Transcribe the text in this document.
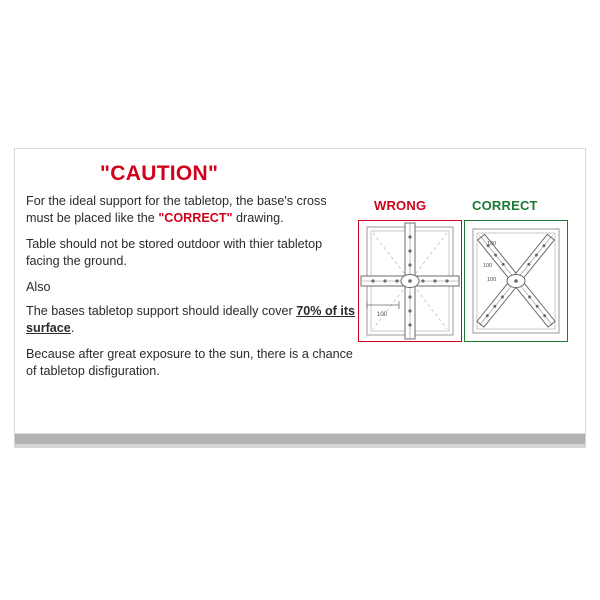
"CAUTION"

For the ideal support for the tabletop, the base's cross must be placed like the "CORRECT" drawing.

Table should not be stored outdoor with thier tabletop facing the ground.

Also

The bases tabletop support should ideally cover 70% of its surface.

Because after great exposure to the sun, there is a chance of tabletop disfiguration.

WRONG	CORRECT
100
100
100
100
